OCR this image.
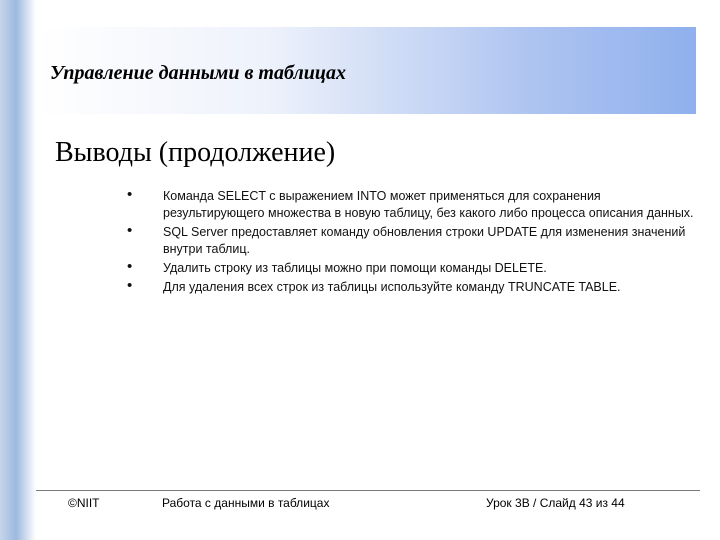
Управление данными в таблицах
Выводы (продолжение)
• Команда SELECT с выражением INTO может применяться для сохранения результирующего множества в новую таблицу, без какого либо процесса описания данных.
• SQL Server предоставляет команду обновления строки UPDATE для изменения значений внутри таблиц.
• Удалить строку из таблицы можно при помощи команды DELETE.
• Для удаления всех строк из таблицы используйте команду TRUNCATE TABLE.
©NIIT	Работа с данными в таблицах	Урок 3В / Слайд 43 из 44
